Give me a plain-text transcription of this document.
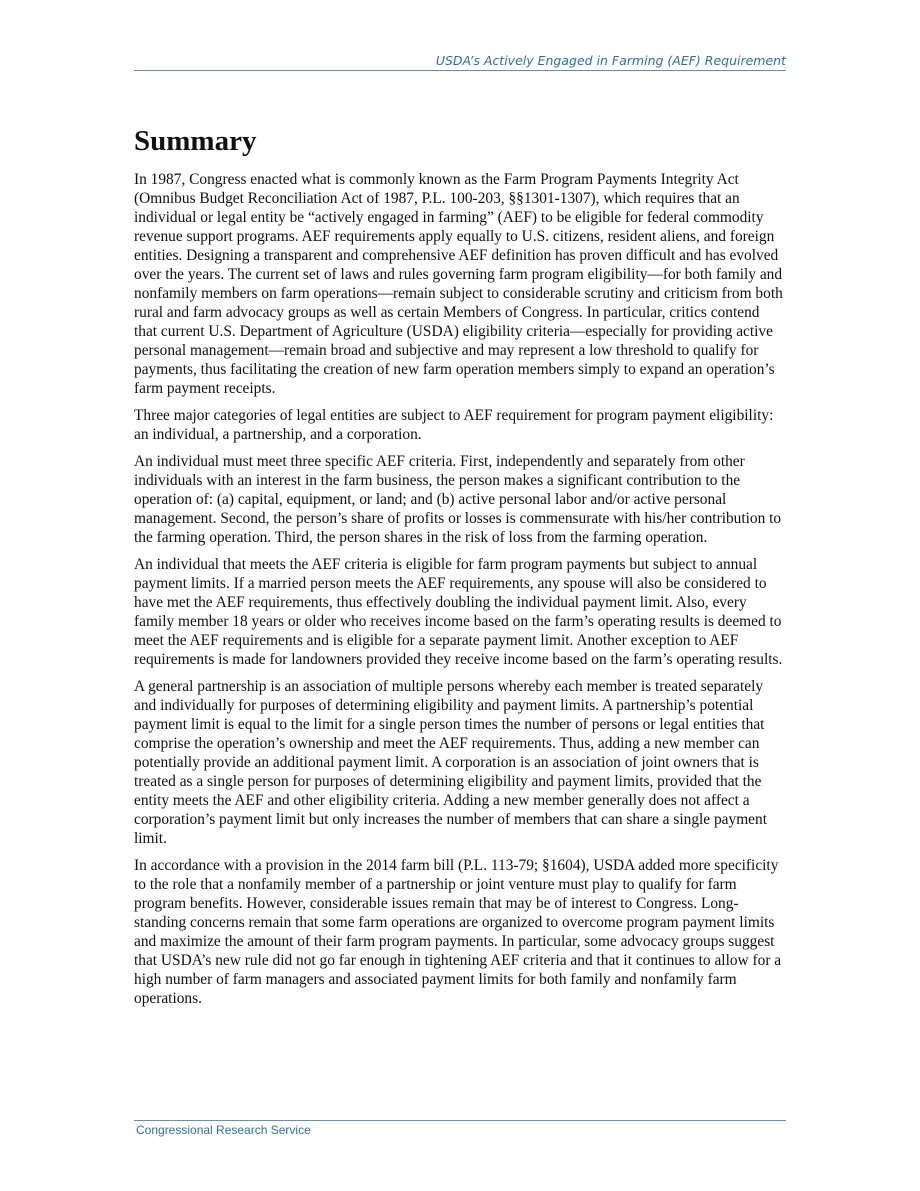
USDA’s Actively Engaged in Farming (AEF) Requirement
Summary

In 1987, Congress enacted what is commonly known as the Farm Program Payments Integrity Act (Omnibus Budget Reconciliation Act of 1987, P.L. 100-203, §§1301-1307), which requires that an individual or legal entity be “actively engaged in farming” (AEF) to be eligible for federal commodity revenue support programs. AEF requirements apply equally to U.S. citizens, resident aliens, and foreign entities. Designing a transparent and comprehensive AEF definition has proven difficult and has evolved over the years. The current set of laws and rules governing farm program eligibility—for both family and nonfamily members on farm operations—remain subject to considerable scrutiny and criticism from both rural and farm advocacy groups as well as certain Members of Congress. In particular, critics contend that current U.S. Department of Agriculture (USDA) eligibility criteria—especially for providing active personal management—remain broad and subjective and may represent a low threshold to qualify for payments, thus facilitating the creation of new farm operation members simply to expand an operation’s farm payment receipts.

Three major categories of legal entities are subject to AEF requirement for program payment eligibility: an individual, a partnership, and a corporation.

An individual must meet three specific AEF criteria. First, independently and separately from other individuals with an interest in the farm business, the person makes a significant contribution to the operation of: (a) capital, equipment, or land; and (b) active personal labor and/or active personal management. Second, the person’s share of profits or losses is commensurate with his/her contribution to the farming operation. Third, the person shares in the risk of loss from the farming operation.

An individual that meets the AEF criteria is eligible for farm program payments but subject to annual payment limits. If a married person meets the AEF requirements, any spouse will also be considered to have met the AEF requirements, thus effectively doubling the individual payment limit. Also, every family member 18 years or older who receives income based on the farm’s operating results is deemed to meet the AEF requirements and is eligible for a separate payment limit. Another exception to AEF requirements is made for landowners provided they receive income based on the farm’s operating results.

A general partnership is an association of multiple persons whereby each member is treated separately and individually for purposes of determining eligibility and payment limits. A partnership’s potential payment limit is equal to the limit for a single person times the number of persons or legal entities that comprise the operation’s ownership and meet the AEF requirements. Thus, adding a new member can potentially provide an additional payment limit. A corporation is an association of joint owners that is treated as a single person for purposes of determining eligibility and payment limits, provided that the entity meets the AEF and other eligibility criteria. Adding a new member generally does not affect a corporation’s payment limit but only increases the number of members that can share a single payment limit.

In accordance with a provision in the 2014 farm bill (P.L. 113-79; §1604), USDA added more specificity to the role that a nonfamily member of a partnership or joint venture must play to qualify for farm program benefits. However, considerable issues remain that may be of interest to Congress. Long-standing concerns remain that some farm operations are organized to overcome program payment limits and maximize the amount of their farm program payments. In particular, some advocacy groups suggest that USDA’s new rule did not go far enough in tightening AEF criteria and that it continues to allow for a high number of farm managers and associated payment limits for both family and nonfamily farm operations.

Congressional Research Service
